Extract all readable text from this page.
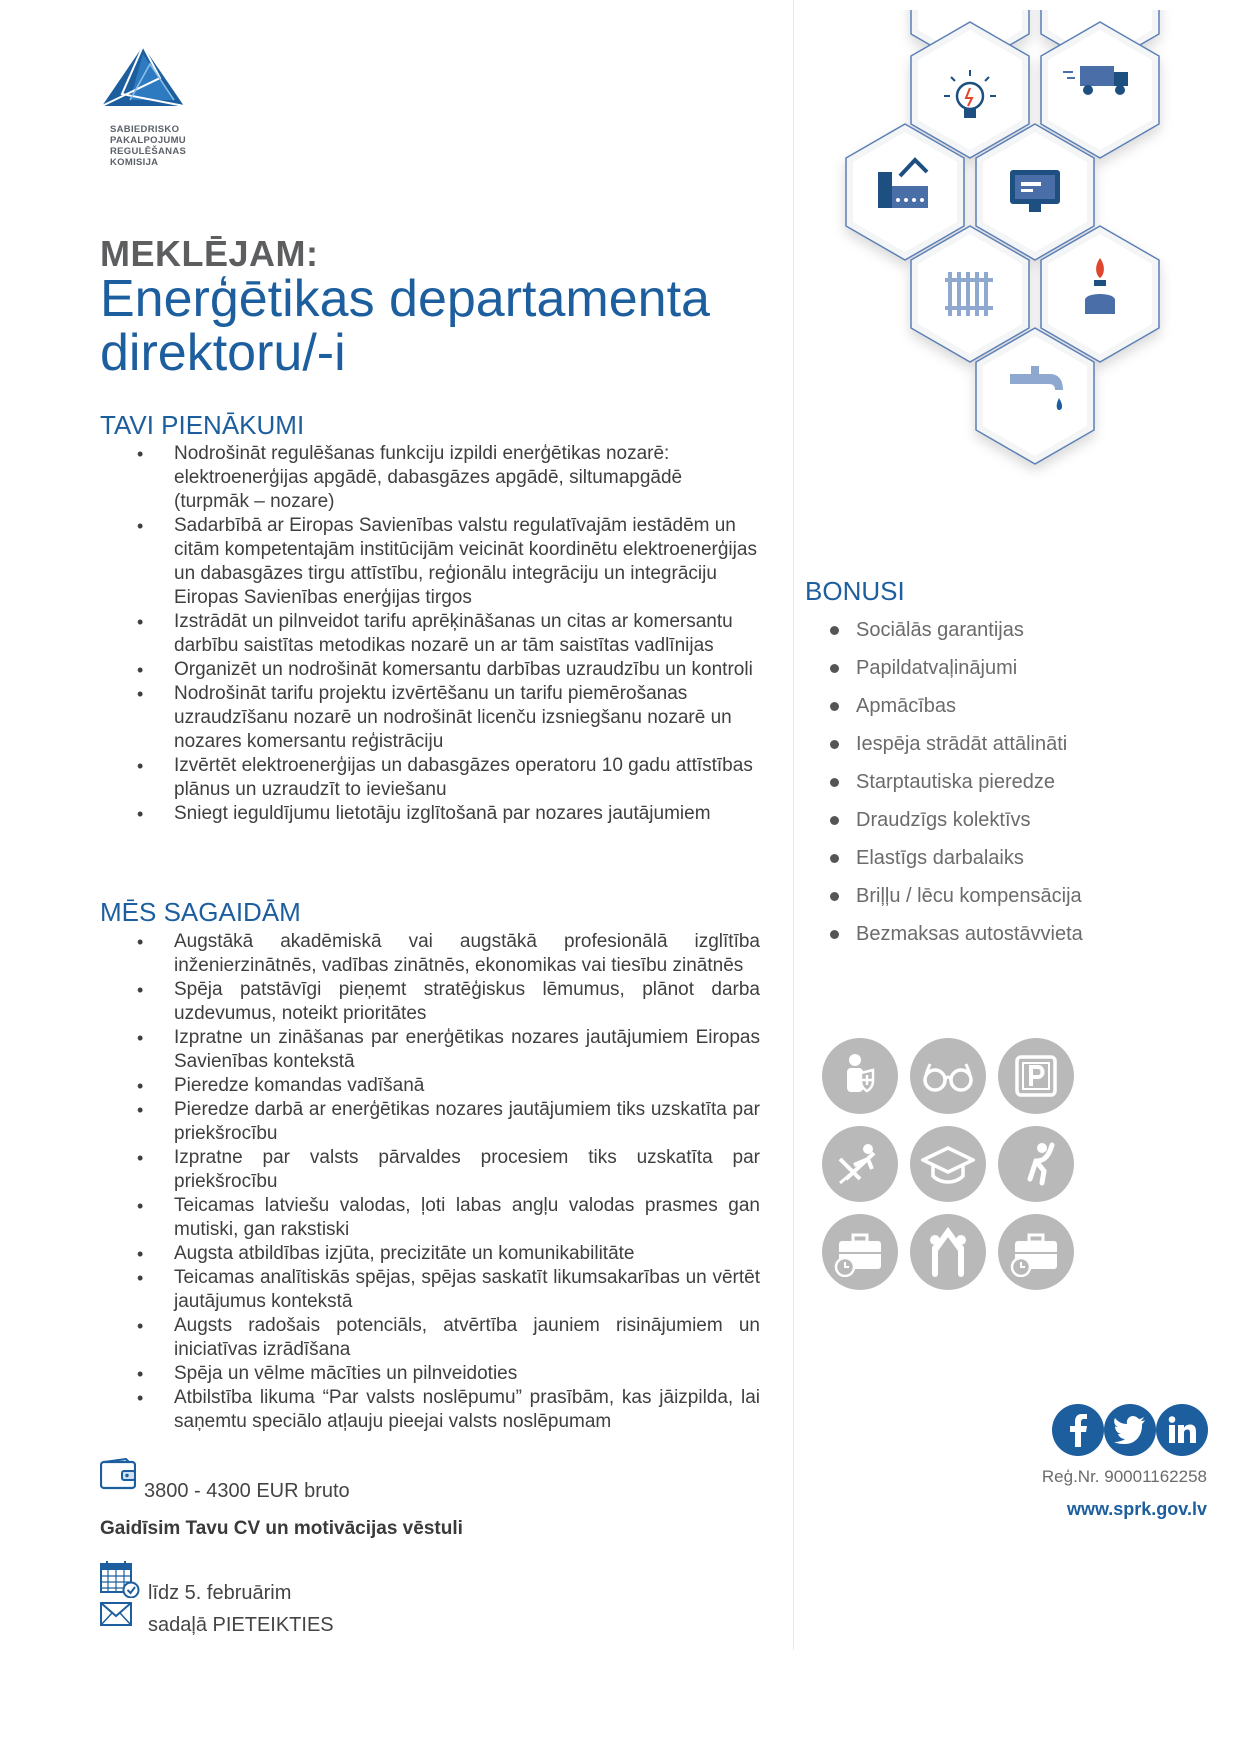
SABIEDRISKO
PAKALPOJUMU
REGULĒŠANAS
KOMISIJA
MEKLĒJAM:
Enerģētikas departamenta direktoru/-i
TAVI PIENĀKUMI
• Nodrošināt regulēšanas funkciju izpildi enerģētikas nozarē: elektroenerģijas apgādē, dabasgāzes apgādē, siltumapgādē (turpmāk – nozare)
• Sadarbībā ar Eiropas Savienības valstu regulatīvajām iestādēm un citām kompetentajām institūcijām veicināt koordinētu elektroenerģijas un dabasgāzes tirgu attīstību, reģionālu integrāciju un integrāciju Eiropas Savienības enerģijas tirgos
• Izstrādāt un pilnveidot tarifu aprēķināšanas un citas ar komersantu darbību saistītas metodikas nozarē un ar tām saistītas vadlīnijas
• Organizēt un nodrošināt komersantu darbības uzraudzību un kontroli
• Nodrošināt tarifu projektu izvērtēšanu un tarifu piemērošanas uzraudzīšanu nozarē un nodrošināt licenču izsniegšanu nozarē un nozares komersantu reģistrāciju
• Izvērtēt elektroenerģijas un dabasgāzes operatoru 10 gadu attīstības plānus un uzraudzīt to ieviešanu
• Sniegt ieguldījumu lietotāju izglītošanā par nozares jautājumiem
MĒS SAGAIDĀM
• Augstākā akadēmiskā vai augstākā profesionālā izglītība inženierzinātnēs, vadības zinātnēs, ekonomikas vai tiesību zinātnēs
• Spēja patstāvīgi pieņemt stratēģiskus lēmumus, plānot darba uzdevumus, noteikt prioritātes
• Izpratne un zināšanas par enerģētikas nozares jautājumiem Eiropas Savienības kontekstā
• Pieredze komandas vadīšanā
• Pieredze darbā ar enerģētikas nozares jautājumiem tiks uzskatīta par priekšrocību
• Izpratne par valsts pārvaldes procesiem tiks uzskatīta par priekšrocību
• Teicamas latviešu valodas, ļoti labas angļu valodas prasmes gan mutiski, gan rakstiski
• Augsta atbildības izjūta, precizitāte un komunikabilitāte
• Teicamas analītiskās spējas, spējas saskatīt likumsakarības un vērtēt jautājumus kontekstā
• Augsts radošais potenciāls, atvērtība jauniem risinājumiem un iniciatīvas izrādīšana
• Spēja un vēlme mācīties un pilnveidoties
• Atbilstība likuma “Par valsts noslēpumu” prasībām, kas jāizpilda, lai saņemtu speciālo atļauju pieejai valsts noslēpumam
3800 - 4300 EUR bruto
Gaidīsim Tavu CV un motivācijas vēstuli
līdz 5. februārim
sadaļā PIETEIKTIES
BONUSI
Sociālās garantijas
Papildatvaļinājumi
Apmācības
Iespēja strādāt attālināti
Starptautiska pieredze
Draudzīgs kolektīvs
Elastīgs darbalaiks
Briļļu / lēcu kompensācija
Bezmaksas autostāvvieta
Reģ.Nr. 90001162258
www.sprk.gov.lv
